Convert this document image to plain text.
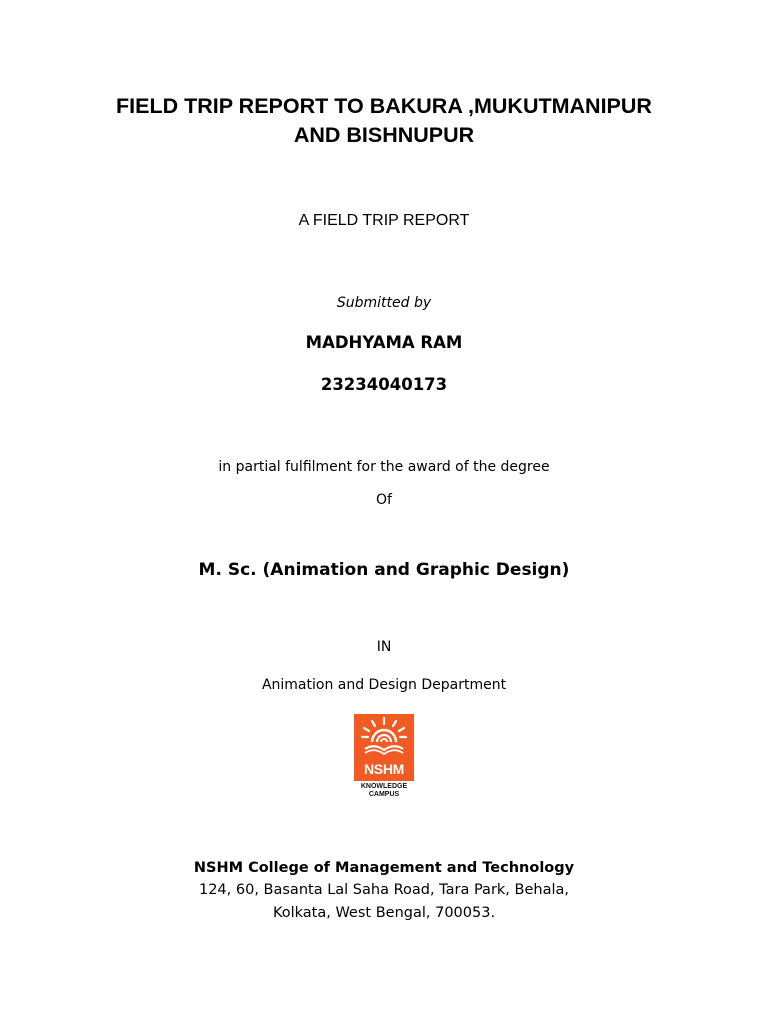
FIELD TRIP REPORT TO BAKURA ,MUKUTMANIPUR
AND BISHNUPUR
A FIELD TRIP REPORT
Submitted by
MADHYAMA RAM
23234040173
in partial fulfilment for the award of the degree
Of
M. Sc. (Animation and Graphic Design)
IN
Animation and Design Department
NSHM
KNOWLEDGE
CAMPUS
NSHM College of Management and Technology
124, 60, Basanta Lal Saha Road, Tara Park, Behala,
Kolkata, West Bengal, 700053.
